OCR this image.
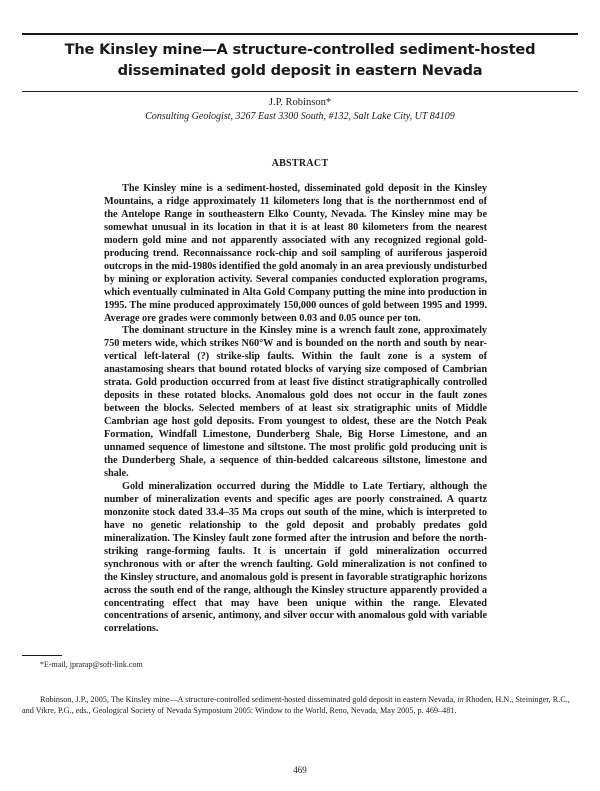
The Kinsley mine—A structure-controlled sediment-hosted
disseminated gold deposit in eastern Nevada
J.P. Robinson*
Consulting Geologist, 3267 East 3300 South, #132, Salt Lake City, UT 84109
ABSTRACT

The Kinsley mine is a sediment-hosted, disseminated gold deposit in the Kinsley Mountains, a ridge approximately 11 kilometers long that is the northernmost end of the Antelope Range in southeastern Elko County, Nevada. The Kinsley mine may be somewhat unusual in its location in that it is at least 80 kilometers from the nearest modern gold mine and not apparently associated with any recognized regional gold-producing trend. Reconnaissance rock-chip and soil sampling of auriferous jasperoid outcrops in the mid-1980s identified the gold anomaly in an area previously undisturbed by mining or exploration activity. Several companies conducted exploration programs, which eventually culminated in Alta Gold Company putting the mine into production in 1995. The mine produced approximately 150,000 ounces of gold between 1995 and 1999. Average ore grades were commonly between 0.03 and 0.05 ounce per ton.

The dominant structure in the Kinsley mine is a wrench fault zone, approximately 750 meters wide, which strikes N60°W and is bounded on the north and south by near-vertical left-lateral (?) strike-slip faults. Within the fault zone is a system of anastamosing shears that bound rotated blocks of varying size composed of Cambrian strata. Gold production occurred from at least five distinct stratigraphically controlled deposits in these rotated blocks. Anomalous gold does not occur in the fault zones between the blocks. Selected members of at least six stratigraphic units of Middle Cambrian age host gold deposits. From youngest to oldest, these are the Notch Peak Formation, Windfall Limestone, Dunderberg Shale, Big Horse Limestone, and an unnamed sequence of limestone and siltstone. The most prolific gold producing unit is the Dunderberg Shale, a sequence of thin-bedded calcareous siltstone, limestone and shale.

Gold mineralization occurred during the Middle to Late Tertiary, although the number of mineralization events and specific ages are poorly constrained. A quartz monzonite stock dated 33.4–35 Ma crops out south of the mine, which is interpreted to have no genetic relationship to the gold deposit and probably predates gold mineralization. The Kinsley fault zone formed after the intrusion and before the north-striking range-forming faults. It is uncertain if gold mineralization occurred synchronous with or after the wrench faulting. Gold mineralization is not confined to the Kinsley structure, and anomalous gold is present in favorable stratigraphic horizons across the south end of the range, although the Kinsley structure apparently provided a concentrating effect that may have been unique within the range. Elevated concentrations of arsenic, antimony, and silver occur with anomalous gold with variable correlations.

*E-mail, jprarap@soft-link.com

Robinson, J.P., 2005, The Kinsley mine—A structure-controlled sediment-hosted disseminated gold deposit in eastern Nevada, in Rhoden, H.N., Steininger, R.C., and Vikre, P.G., eds., Geological Society of Nevada Symposium 2005: Window to the World, Reno, Nevada, May 2005, p. 469–481.

469
